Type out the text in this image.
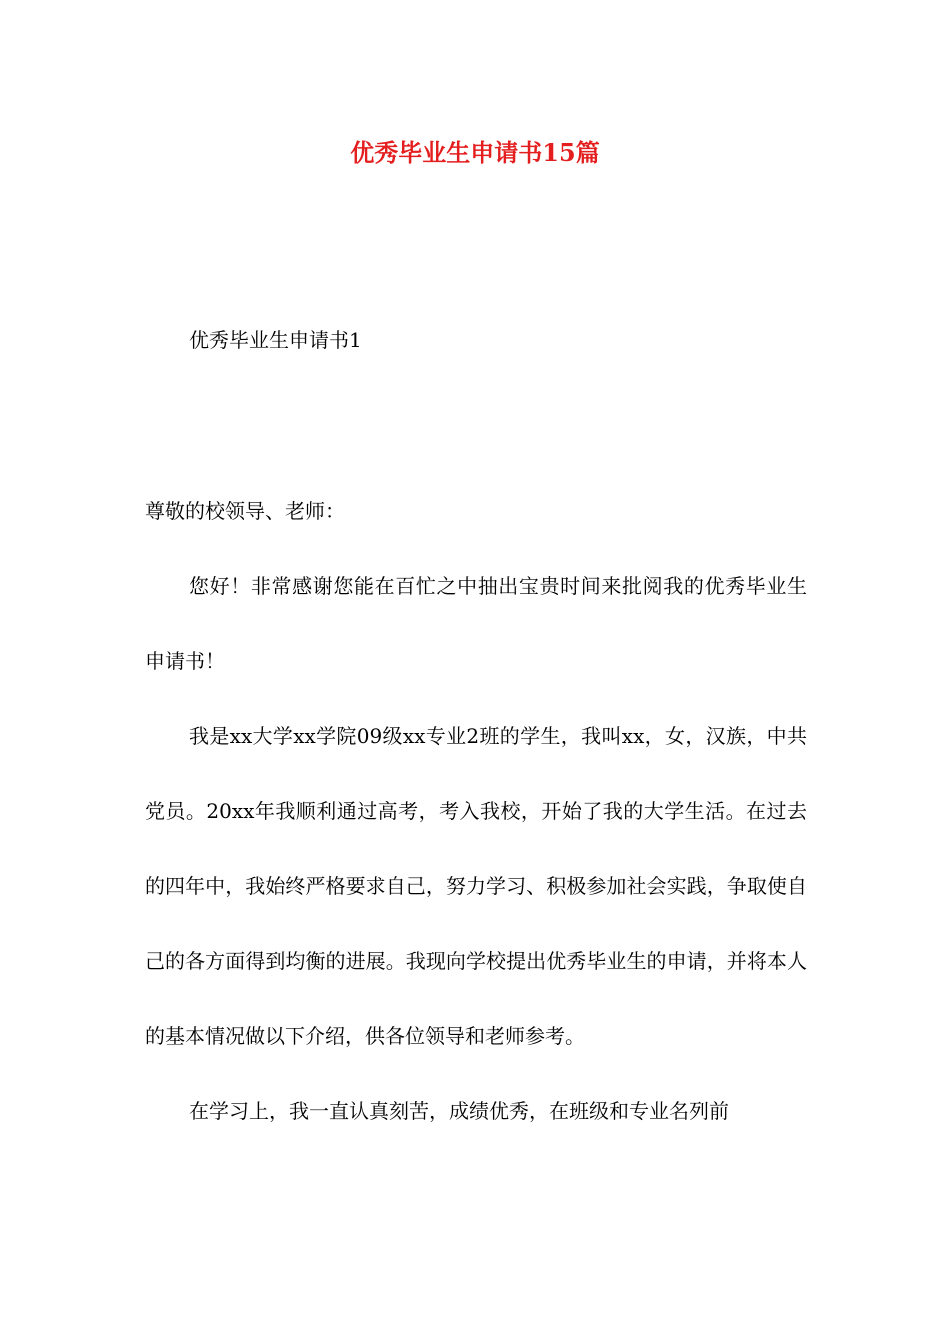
优秀毕业生申请书15篇

优秀毕业生申请书1

尊敬的校领导、老师：

您好！非常感谢您能在百忙之中抽出宝贵时间来批阅我的优秀毕业生申请书！

我是xx大学xx学院09级xx专业2班的学生，我叫xx，女，汉族，中共党员。20xx年我顺利通过高考，考入我校，开始了我的大学生活。在过去的四年中，我始终严格要求自己，努力学习、积极参加社会实践，争取使自己的各方面得到均衡的进展。我现向学校提出优秀毕业生的申请，并将本人的基本情况做以下介绍，供各位领导和老师参考。

在学习上，我一直认真刻苦，成绩优秀，在班级和专业名列前
